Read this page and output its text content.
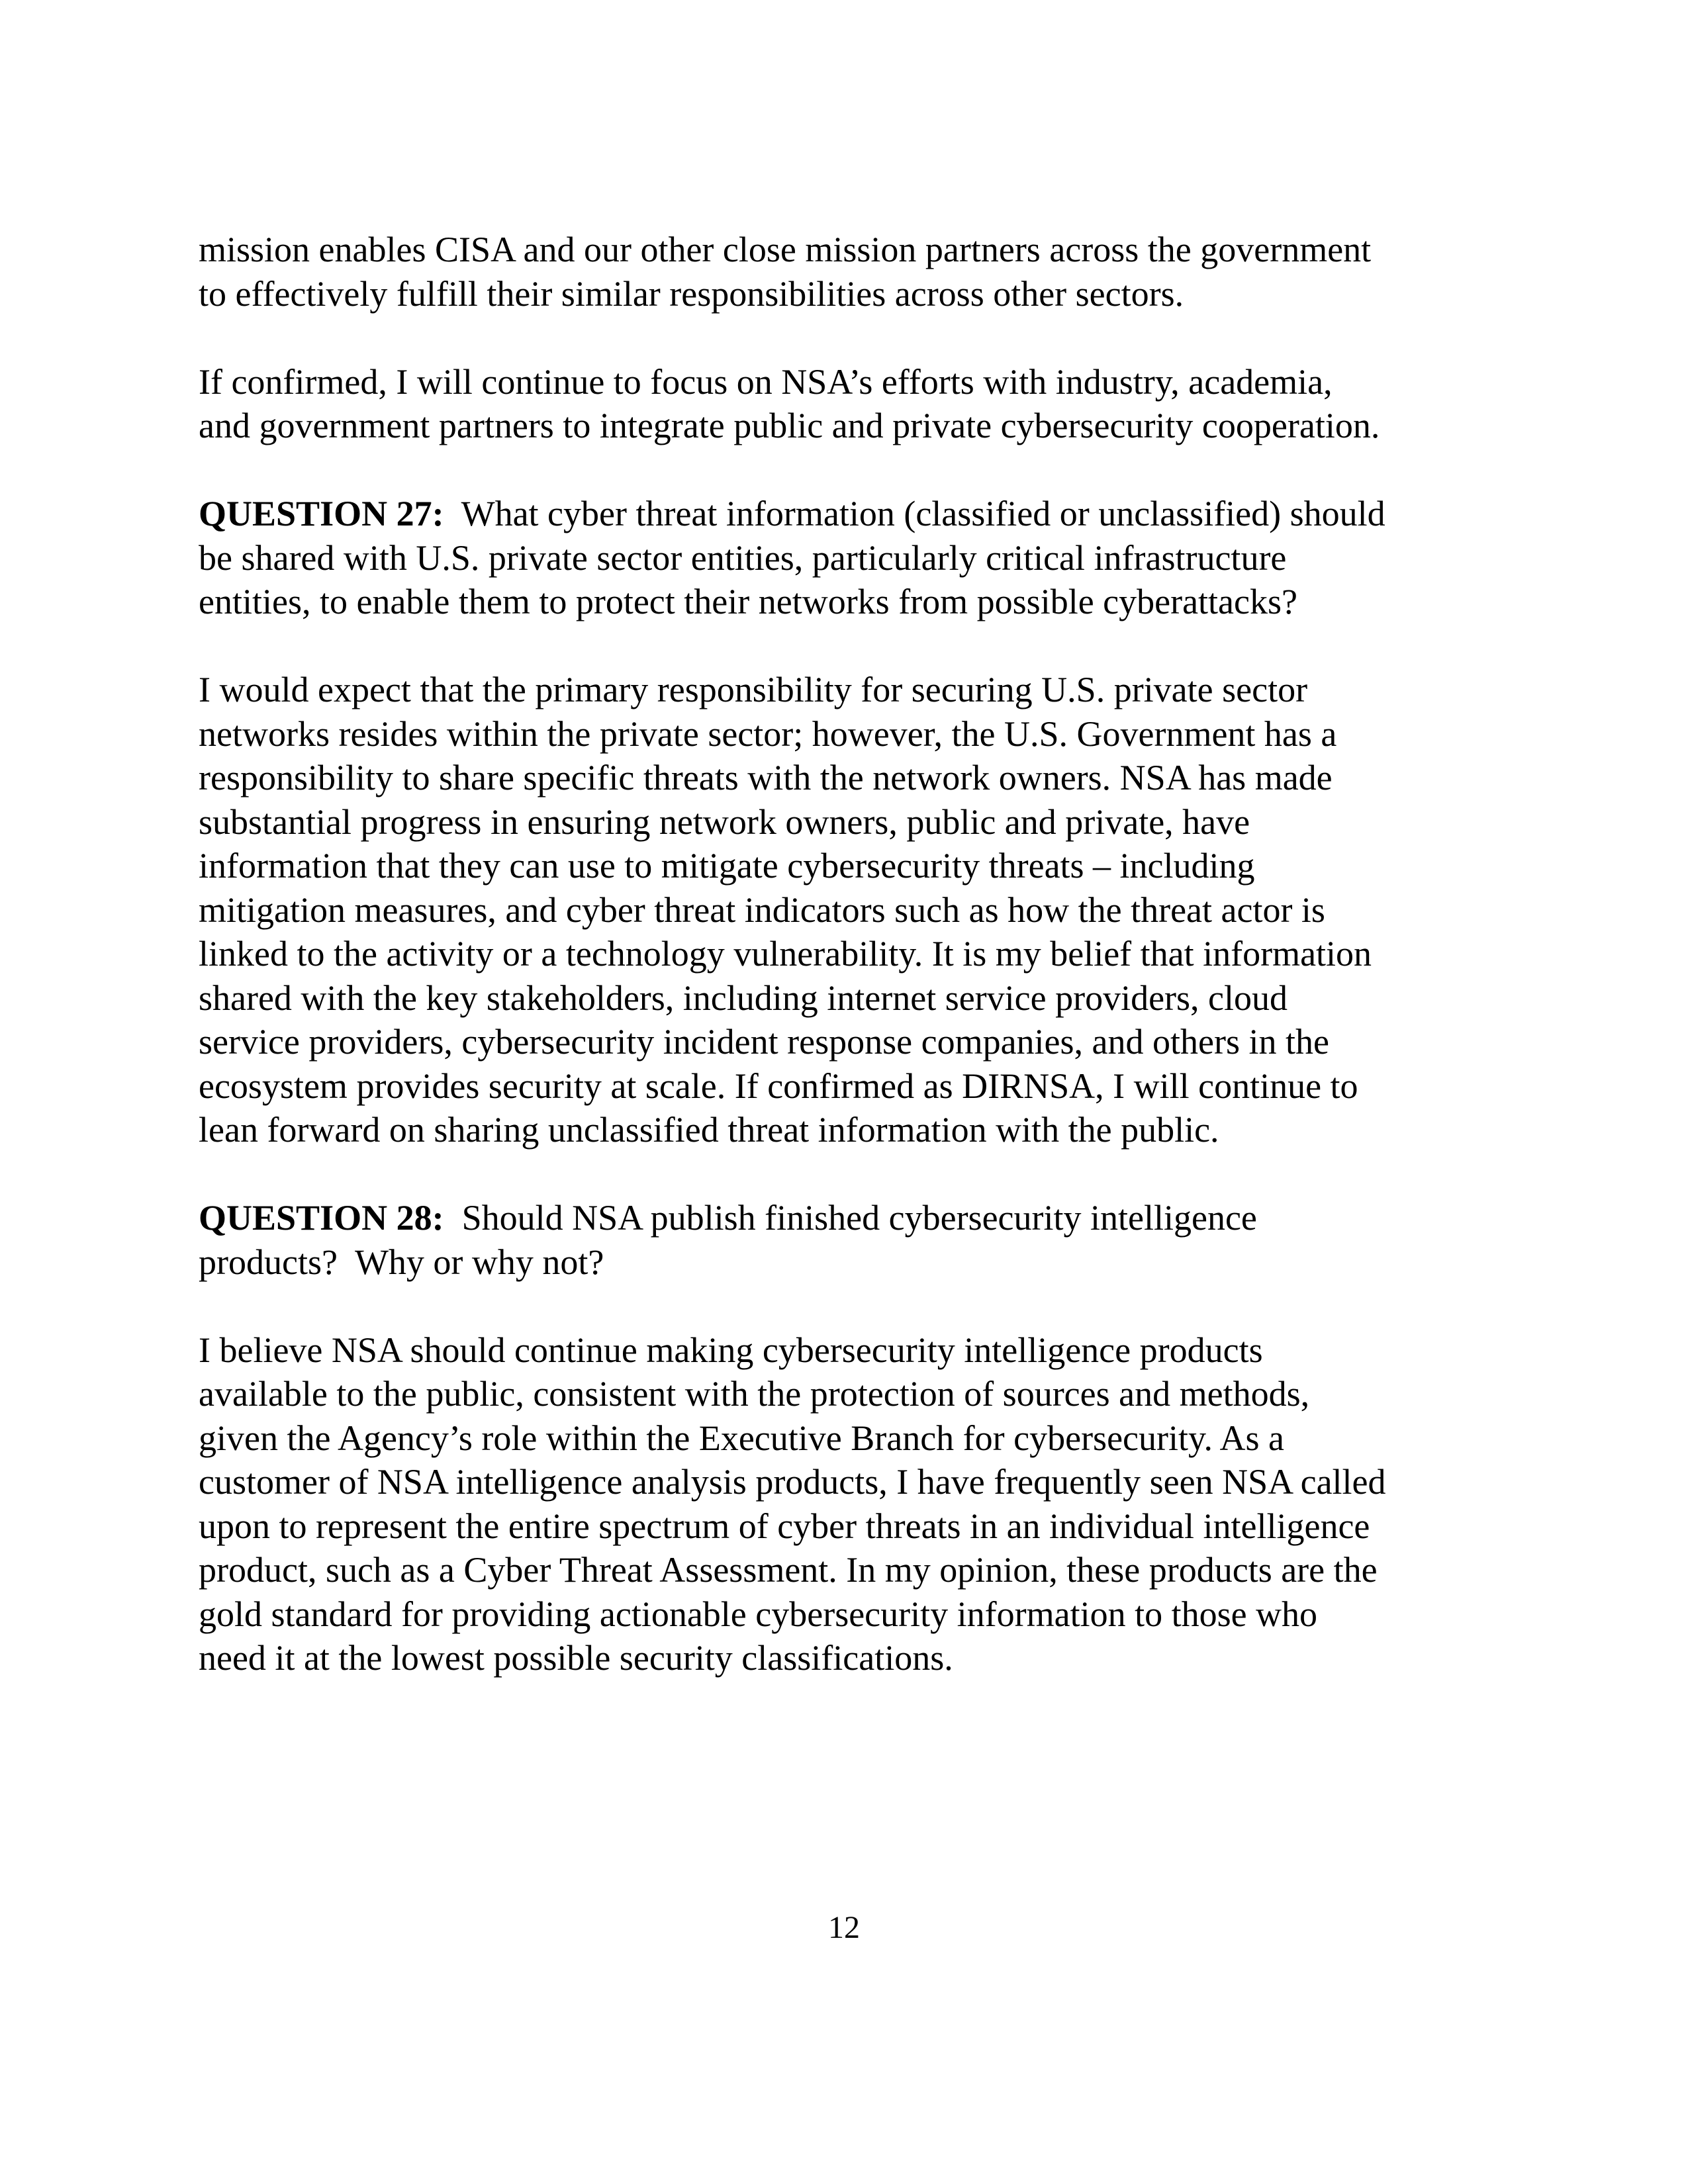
mission enables CISA and our other close mission partners across the government
to effectively fulfill their similar responsibilities across other sectors.

If confirmed, I will continue to focus on NSA’s efforts with industry, academia,
and government partners to integrate public and private cybersecurity cooperation.

QUESTION 27: What cyber threat information (classified or unclassified) should
be shared with U.S. private sector entities, particularly critical infrastructure
entities, to enable them to protect their networks from possible cyberattacks?

I would expect that the primary responsibility for securing U.S. private sector
networks resides within the private sector; however, the U.S. Government has a
responsibility to share specific threats with the network owners. NSA has made
substantial progress in ensuring network owners, public and private, have
information that they can use to mitigate cybersecurity threats – including
mitigation measures, and cyber threat indicators such as how the threat actor is
linked to the activity or a technology vulnerability. It is my belief that information
shared with the key stakeholders, including internet service providers, cloud
service providers, cybersecurity incident response companies, and others in the
ecosystem provides security at scale. If confirmed as DIRNSA, I will continue to
lean forward on sharing unclassified threat information with the public.

QUESTION 28: Should NSA publish finished cybersecurity intelligence
products?  Why or why not?

I believe NSA should continue making cybersecurity intelligence products
available to the public, consistent with the protection of sources and methods,
given the Agency’s role within the Executive Branch for cybersecurity. As a
customer of NSA intelligence analysis products, I have frequently seen NSA called
upon to represent the entire spectrum of cyber threats in an individual intelligence
product, such as a Cyber Threat Assessment. In my opinion, these products are the
gold standard for providing actionable cybersecurity information to those who
need it at the lowest possible security classifications.

12
